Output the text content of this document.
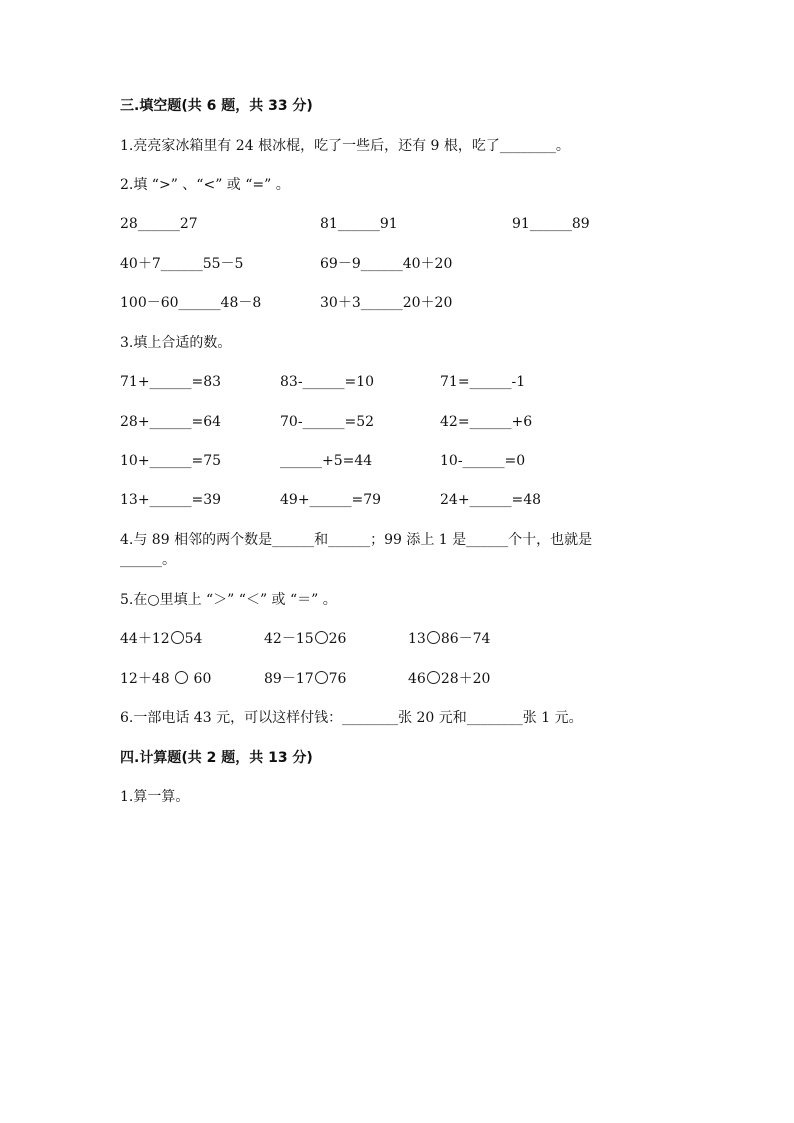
三.填空题(共 6 题，共 33 分)
1.亮亮家冰箱里有 24 根冰棍，吃了一些后，还有 9 根，吃了________。
2.填 “>” 、“<” 或 “=” 。
28______27	81______91	91______89
40＋7______55－5	69－9______40＋20
100－60______48－8	30＋3______20＋20
3.填上合适的数。
71+______=83	83-______=10	71=______-1
28+______=64	70-______=52	42=______+6
10+______=75	______+5=44	10-______=0
13+______=39	49+______=79	24+______=48
4.与 89 相邻的两个数是______和______；99 添上 1 是______个十，也就是
______。
5.在○里填上 “＞” “＜” 或 “＝” 。
44＋12 54	42－15 26	13 86－74
12＋48  60	89－17 76	46 28＋20
6.一部电话 43 元，可以这样付钱：________张 20 元和________张 1 元。
四.计算题(共 2 题，共 13 分)
1.算一算。
